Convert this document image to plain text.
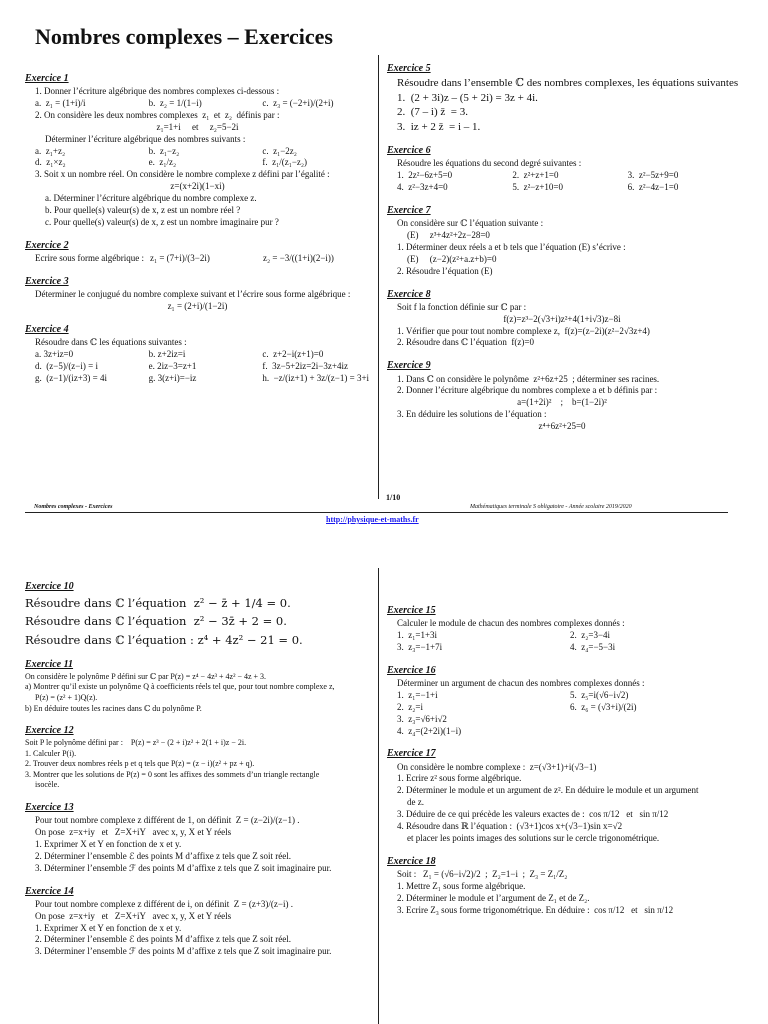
Nombres complexes – Exercices
Exercice 1
1. Donner l’écriture algébrique des nombres complexes ci-dessous :
a.  z₁ = (1+i)/i	b.  z₂ = 1/(1−i)	c.  z₃ = (−2+i)/(2+i)
2. On considère les deux nombres complexes  z₁  et  z₂  définis par :
z₁=1+i     et     z₂=5−2i
Déterminer l’écriture algébrique des nombres suivants :
a.  z₁+z₂	b.  z₁−z₂	c.  z₁−2z₂
d.  z₁×z₂	e.  z₁/z₂	f.  z₁/(z₁−z₂)
3. Soit x un nombre réel. On considère le nombre complexe z défini par l’égalité :
z=(x+2i)(1−xi)
a. Déterminer l’écriture algébrique du nombre complexe z.
b. Pour quelle(s) valeur(s) de x, z est un nombre réel ?
c. Pour quelle(s) valeur(s) de x, z est un nombre imaginaire pur ?
Exercice 2
Ecrire sous forme algébrique : z₁ = (7+i)/(3−2i)	z₂ = −3/((1+i)(2−i))
Exercice 3
Déterminer le conjugué du nombre complexe suivant et l’écrire sous forme algébrique :
z₁ = (2+i)/(1−2i)
Exercice 4
Résoudre dans ℂ les équations suivantes :
a. 3z+iz=0	b. z+2iz=i	c.  z+2−i(z+1)=0
d.  (z−5)/(z−i) = i	e. 2iz−3=z+1	f.  3z−5+2iz=2i−3z+4iz
g.  (z−1)/(iz+3) = 4i	g. 3(z+i)=−iz	h.  −z/(iz+1) + 3z/(z−1) = 3+i
Exercice 5
Résoudre dans l’ensemble ℂ des nombres complexes, les équations suivantes
1.  (2 + 3i)z – (5 + 2i) = 3z + 4i.
2.  (7 – i) z̄  = 3.
3.  iz + 2 z̄  = i – 1.
Exercice 6
Résoudre les équations du second degré suivantes :
1.  2z²−6z+5=0	2.  z²+z+1=0	3.  z²−5z+9=0
4.  z²−3z+4=0	5.  z²−z+10=0	6.  z²−4z−1=0
Exercice 7
On considère sur ℂ l’équation suivante :
(E)     z³+4z²+2z−28=0
1. Déterminer deux réels a et b tels que l’équation (E) s’écrive :
(E)     (z−2)(z²+a.z+b)=0
2. Résoudre l’équation (E)
Exercice 8
Soit f la fonction définie sur ℂ par :
f(z)=z³−2(√3+i)z²+4(1+i√3)z−8i
1. Vérifier que pour tout nombre complexe z,  f(z)=(z−2i)(z²−2√3z+4)
2. Résoudre dans ℂ l’équation  f(z)=0
Exercice 9
1. Dans ℂ on considère le polynôme  z²+6z+25  ; déterminer ses racines.
2. Donner l’écriture algébrique du nombres complexe a et b définis par :
a=(1+2i)²    ;    b=(1−2i)²
3. En déduire les solutions de l’équation :
z⁴+6z²+25=0
Exercice 10
Résoudre dans ℂ l’équation  z² − z̄ + 1/4 = 0.
Résoudre dans ℂ l’équation  z² − 3z̄ + 2 = 0.
Résoudre dans ℂ l’équation : z⁴ + 4z² − 21 = 0.
Exercice 11
On considère le polynôme P défini sur ℂ par P(z) = z⁴ − 4z³ + 4z² − 4z + 3.
a) Montrer qu’il existe un polynôme Q à coefficients réels tel que, pour tout nombre complexe z,
P(z) = (z² + 1)Q(z).
b) En déduire toutes les racines dans ℂ du polynôme P.
Exercice 12
Soit P le polynôme défini par :    P(z) = z³ − (2 + i)z² + 2(1 + i)z − 2i.
1. Calculer P(i).
2. Trouver deux nombres réels p et q tels que P(z) = (z − i)(z² + pz + q).
3. Montrer que les solutions de P(z) = 0 sont les affixes des sommets d’un triangle rectangle
isocèle.
Exercice 13
Pour tout nombre complexe z différent de 1, on définit  Z = (z−2i)/(z−1) .
On pose  z=x+iy   et   Z=X+iY   avec x, y, X et Y réels
1. Exprimer X et Y en fonction de x et y.
2. Déterminer l’ensemble ℰ des points M d’affixe z tels que Z soit réel.
3. Déterminer l’ensemble ℱ des points M d’affixe z tels que Z soit imaginaire pur.
Exercice 14
Pour tout nombre complexe z différent de i, on définit  Z = (z+3)/(z−i) .
On pose  z=x+iy   et   Z=X+iY   avec x, y, X et Y réels
1. Exprimer X et Y en fonction de x et y.
2. Déterminer l’ensemble ℰ des points M d’affixe z tels que Z soit réel.
3. Déterminer l’ensemble ℱ des points M d’affixe z tels que Z soit imaginaire pur.
Exercice 15
Calculer le module de chacun des nombres complexes donnés :
1.  z₁=1+3i	2.  z₂=3−4i
3.  z₃=−1+7i	4.  z₄=−5−3i
Exercice 16
Déterminer un argument de chacun des nombres complexes donnés :
1.  z₁=−1+i	5.  z₅=i(√6−i√2)
2.  z₂=i	6.  z₆ = (√3+i)/(2i)
3.  z₃=√6+i√2
4.  z₄=(2+2i)(1−i)
Exercice 17
On considère le nombre complexe :  z=(√3+1)+i(√3−1)
1. Ecrire z² sous forme algébrique.
2. Déterminer le module et un argument de z². En déduire le module et un argument
de z.
3. Déduire de ce qui précède les valeurs exactes de :  cos π/12   et   sin π/12
4. Résoudre dans ℝ l’équation :  (√3+1)cos x+(√3−1)sin x=√2
et placer les points images des solutions sur le cercle trigonométrique.
Exercice 18
Soit :   Z₁ = (√6−i√2)/2  ;  Z₂=1−i  ;  Z₃ = Z₁/Z₂
1. Mettre Z₁ sous forme algébrique.
2. Déterminer le module et l’argument de Z₁ et de Z₂.
3. Ecrire Z₃ sous forme trigonométrique. En déduire :  cos π/12   et   sin π/12
1/10
Nombres complexes - Exercices	Mathématiques terminale S obligatoire - Année scolaire 2019/2020
http://physique-et-maths.fr
